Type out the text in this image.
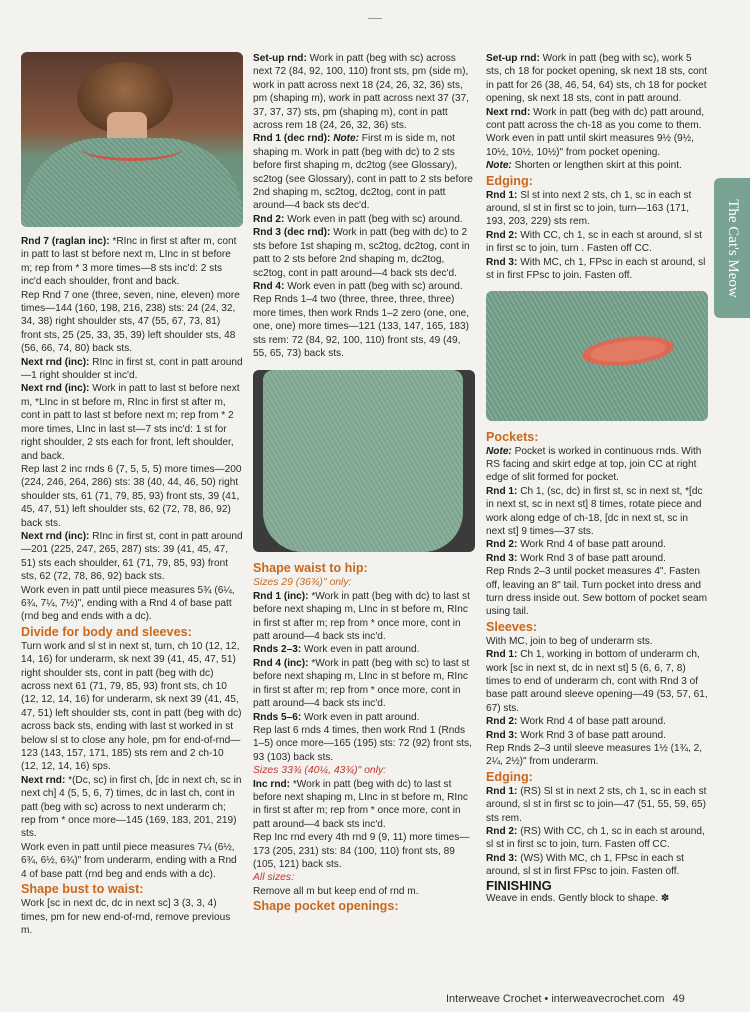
Rnd 7 (raglan inc): *RInc in first st after m, cont in patt to last st before next m, LInc in st before m; rep from * 3 more times—8 sts inc'd: 2 sts inc'd each shoulder, front and back.

Rep Rnd 7 one (three, seven, nine, eleven) more times—144 (160, 198, 216, 238) sts: 24 (24, 32, 34, 38) right shoulder sts, 47 (55, 67, 73, 81) front sts, 25 (25, 33, 35, 39) left shoulder sts, 48 (56, 66, 74, 80) back sts.

Next rnd (inc): RInc in first st, cont in patt around—1 right shoulder st inc'd.

Next rnd (inc): Work in patt to last st before next m, *LInc in st before m, RInc in first st after m, cont in patt to last st before next m; rep from * 2 more times, LInc in last st—7 sts inc'd: 1 st for right shoulder, 2 sts each for front, left shoulder, and back.

Rep last 2 inc rnds 6 (7, 5, 5, 5) more times—200 (224, 246, 264, 286) sts: 38 (40, 44, 46, 50) right shoulder sts, 61 (71, 79, 85, 93) front sts, 39 (41, 45, 47, 51) left shoulder sts, 62 (72, 78, 86, 92) back sts.

Next rnd (inc): RInc in first st, cont in patt around—201 (225, 247, 265, 287) sts: 39 (41, 45, 47, 51) sts each shoulder, 61 (71, 79, 85, 93) front sts, 62 (72, 78, 86, 92) back sts.

Work even in patt until piece measures 5¾ (6¼, 6¾, 7¼, 7½)", ending with a Rnd 4 of base patt (rnd beg and ends with a dc).

Divide for body and sleeves:

Turn work and sl st in next st, turn, ch 10 (12, 12, 14, 16) for underarm, sk next 39 (41, 45, 47, 51) right shoulder sts, cont in patt (beg with dc) across next 61 (71, 79, 85, 93) front sts, ch 10 (12, 12, 14, 16) for underarm, sk next 39 (41, 45, 47, 51) left shoulder sts, cont in patt (beg with dc) across back sts, ending with last st worked in st below sl st to close any hole, pm for end-of-rnd—123 (143, 157, 171, 185) sts rem and 2 ch-10 (12, 12, 14, 16) sps.

Next rnd: *(Dc, sc) in first ch, [dc in next ch, sc in next ch] 4 (5, 5, 6, 7) times, dc in last ch, cont in patt (beg with sc) across to next underarm ch; rep from * once more—145 (169, 183, 201, 219) sts.

Work even in patt until piece measures 7¼ (6½, 6¾, 6½, 6¾)" from underarm, ending with a Rnd 4 of base patt (rnd beg and ends with a dc).

Shape bust to waist:

Work [sc in next dc, dc in next sc] 3 (3, 3, 4) times, pm for new end-of-rnd, remove previous m.

Set-up rnd: Work in patt (beg with sc) across next 72 (84, 92, 100, 110) front sts, pm (side m), work in patt across next 18 (24, 26, 32, 36) sts, pm (shaping m), work in patt across next 37 (37, 37, 37, 37) sts, pm (shaping m), cont in patt across rem 18 (24, 26, 32, 36) sts.

Rnd 1 (dec rnd): Note: First m is side m, not shaping m. Work in patt (beg with dc) to 2 sts before first shaping m, dc2tog (see Glossary), sc2tog (see Glossary), cont in patt to 2 sts before 2nd shaping m, sc2tog, dc2tog, cont in patt around—4 back sts dec'd.

Rnd 2: Work even in patt (beg with sc) around.

Rnd 3 (dec rnd): Work in patt (beg with dc) to 2 sts before 1st shaping m, sc2tog, dc2tog, cont in patt to 2 sts before 2nd shaping m, dc2tog, sc2tog, cont in patt around—4 back sts dec'd.

Rnd 4: Work even in patt (beg with sc) around.

Rep Rnds 1–4 two (three, three, three, three) more times, then work Rnds 1–2 zero (one, one, one, one) more times—121 (133, 147, 165, 183) sts rem: 72 (84, 92, 100, 110) front sts, 49 (49, 55, 65, 73) back sts.

Shape waist to hip:

Sizes 29 (36¾)" only:

Rnd 1 (inc): *Work in patt (beg with dc) to last st before next shaping m, LInc in st before m, RInc in first st after m; rep from * once more, cont in patt around—4 back sts inc'd.

Rnds 2–3: Work even in patt around.

Rnd 4 (inc): *Work in patt (beg with sc) to last st before next shaping m, LInc in st before m, RInc in first st after m; rep from * once more, cont in patt around—4 back sts inc'd.

Rnds 5–6: Work even in patt around.

Rep last 6 rnds 4 times, then work Rnd 1 (Rnds 1–5) once more—165 (195) sts: 72 (92) front sts, 93 (103) back sts.

Sizes 33¾ (40¼, 43¾)" only:

Inc rnd: *Work in patt (beg with dc) to last st before next shaping m, LInc in st before m, RInc in first st after m; rep from * once more, cont in patt around—4 back sts inc'd.

Rep Inc rnd every 4th rnd 9 (9, 11) more times—173 (205, 231) sts: 84 (100, 110) front sts, 89 (105, 121) back sts.

All sizes:

Remove all m but keep end of rnd m.

Shape pocket openings:

Set-up rnd: Work in patt (beg with sc), work 5 sts, ch 18 for pocket opening, sk next 18 sts, cont in patt for 26 (38, 46, 54, 64) sts, ch 18 for pocket opening, sk next 18 sts, cont in patt around.

Next rnd: Work in patt (beg with dc) patt around, cont patt across the ch-18 as you come to them.

Work even in patt until skirt measures 9½ (9½, 10½, 10½, 10½)" from pocket opening.

Note: Shorten or lengthen skirt at this point.

Edging:

Rnd 1: Sl st into next 2 sts, ch 1, sc in each st around, sl st in first sc to join, turn—163 (171, 193, 203, 229) sts rem.

Rnd 2: With CC, ch 1, sc in each st around, sl st in first sc to join, turn . Fasten off CC.

Rnd 3: With MC, ch 1, FPsc in each st around, sl st in first FPsc to join. Fasten off.

Pockets:

Note: Pocket is worked in continuous rnds. With RS facing and skirt edge at top, join CC at right edge of slit formed for pocket.

Rnd 1: Ch 1, (sc, dc) in first st, sc in next st, *[dc in next st, sc in next st] 8 times, rotate piece and work along edge of ch-18, [dc in next st, sc in next st] 9 times—37 sts.

Rnd 2: Work Rnd 4 of base patt around.

Rnd 3: Work Rnd 3 of base patt around.

Rep Rnds 2–3 until pocket measures 4". Fasten off, leaving an 8" tail. Turn pocket into dress and turn dress inside out. Sew bottom of pocket seam using tail.

Sleeves:

With MC, join to beg of underarm sts.

Rnd 1: Ch 1, working in bottom of underarm ch, work [sc in next st, dc in next st] 5 (6, 6, 7, 8) times to end of underarm ch, cont with Rnd 3 of base patt around sleeve opening—49 (53, 57, 61, 67) sts.

Rnd 2: Work Rnd 4 of base patt around.

Rnd 3: Work Rnd 3 of base patt around.

Rep Rnds 2–3 until sleeve measures 1½ (1¾, 2, 2¼, 2½)" from underarm.

Edging:

Rnd 1: (RS) Sl st in next 2 sts, ch 1, sc in each st around, sl st in first sc to join—47 (51, 55, 59, 65) sts rem.

Rnd 2: (RS) With CC, ch 1, sc in each st around, sl st in first sc to join, turn. Fasten off CC.

Rnd 3: (WS) With MC, ch 1, FPsc in each st around, sl st in first FPsc to join. Fasten off.

FINISHING

Weave in ends. Gently block to shape. ✽

The Cat's Meow
Interweave Crochet • interweavecrochet.com 49
